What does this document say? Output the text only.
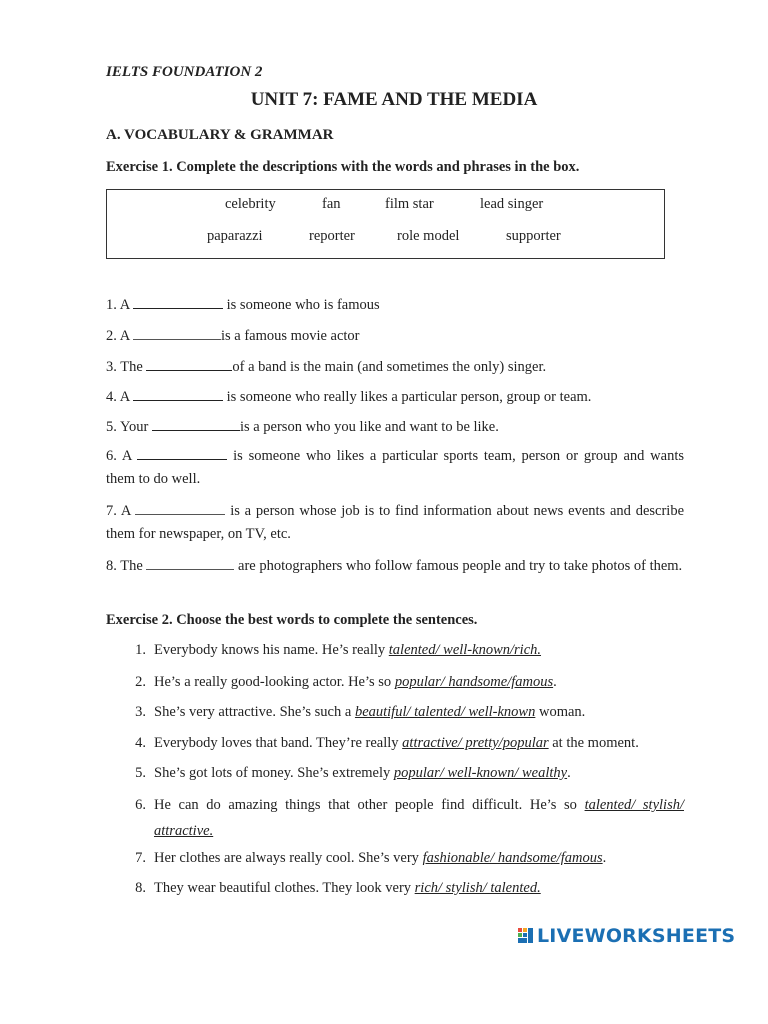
IELTS FOUNDATION 2
UNIT 7: FAME AND THE MEDIA
A. VOCABULARY & GRAMMAR
Exercise 1. Complete the descriptions with the words and phrases in the box.
celebrity	fan	film star	lead singer
paparazzi	reporter	role model	supporter
1. A	is someone who is famous
2. A	is a famous movie actor
3. The	of a band is the main (and sometimes the only) singer.
4. A	is someone who really likes a particular person, group or team.
5. Your	is a person who you like and want to be like.
6. A	is someone who likes a particular sports team, person or group and wants them to do well.
7. A	is a person whose job is to find information about news events and describe them for newspaper, on TV, etc.
8. The	are photographers who follow famous people and try to take photos of them.
Exercise 2. Choose the best words to complete the sentences.
1. Everybody knows his name. He’s really talented/ well-known/rich.
2. He’s a really good-looking actor. He’s so popular/ handsome/famous.
3. She’s very attractive. She’s such a beautiful/ talented/ well-known woman.
4. Everybody loves that band. They’re really attractive/ pretty/popular at the moment.
5. She’s got lots of money. She’s extremely popular/ well-known/ wealthy.
6. He can do amazing things that other people find difficult. He’s so talented/ stylish/ attractive.
7. Her clothes are always really cool. She’s very fashionable/ handsome/famous.
8. They wear beautiful clothes. They look very rich/ stylish/ talented.
LIVEWORKSHEETS
